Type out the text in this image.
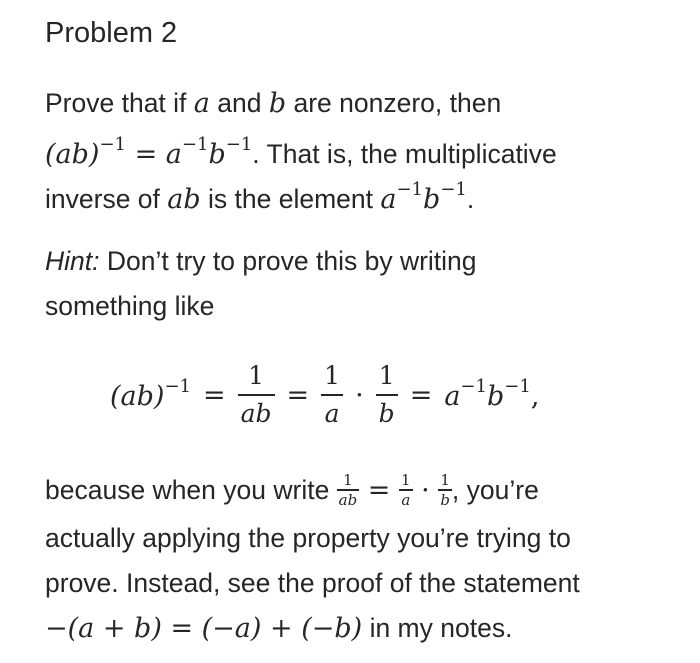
Problem 2
Prove that if a and b are nonzero, then
$(ab)^{-1} = a^{-1}b^{-1}$. That is, the multiplicative
inverse of ab is the element $a^{-1}b^{-1}$.
Hint: Don’t try to prove this by writing
something like
$(ab)^{-1} = \frac{1}{ab} = \frac{1}{a} \cdot \frac{1}{b} = a^{-1}b^{-1}$,
because when you write $\frac{1}{ab} = \frac{1}{a} \cdot \frac{1}{b}$ , you’re
actually applying the property you’re trying to
prove. Instead, see the proof of the statement
−(a + b) = (−a) + (−b) in my notes.
